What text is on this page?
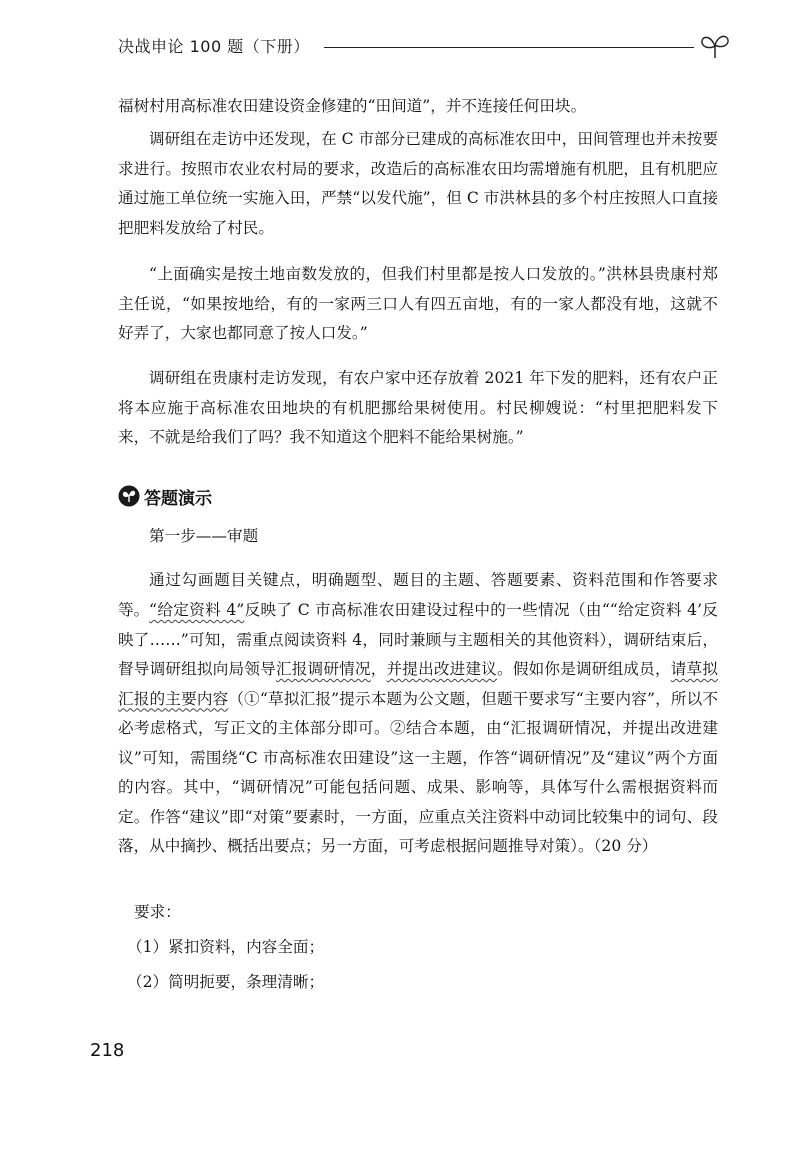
决战申论 100 题（下册）

福树村用高标准农田建设资金修建的“田间道”，并不连接任何田块。

调研组在走访中还发现，在 C 市部分已建成的高标准农田中，田间管理也并未按要求进行。按照市农业农村局的要求，改造后的高标准农田均需增施有机肥，且有机肥应通过施工单位统一实施入田，严禁“以发代施”，但 C 市洪林县的多个村庄按照人口直接把肥料发放给了村民。

“上面确实是按土地亩数发放的，但我们村里都是按人口发放的。”洪林县贵康村郑主任说，“如果按地给，有的一家两三口人有四五亩地，有的一家人都没有地，这就不好弄了，大家也都同意了按人口发。”

调研组在贵康村走访发现，有农户家中还存放着 2021 年下发的肥料，还有农户正将本应施于高标准农田地块的有机肥挪给果树使用。村民柳嫂说：“村里把肥料发下来，不就是给我们了吗？我不知道这个肥料不能给果树施。”

答题演示
第一步——审题

通过勾画题目关键点，明确题型、题目的主题、答题要素、资料范围和作答要求等。 “给定资料 4”反映了 C 市高标准农田建设过程中的一些情况（由““给定资料 4’反映了……”可知，需重点阅读资料 4，同时兼顾与主题相关的其他资料），调研结束后，督导调研组拟向局领导汇报调研情况，并提出改进建议。假如你是调研组成员，请草拟汇报的主要内容（①“草拟汇报”提示本题为公文题，但题干要求写“主要内容”，所以不必考虑格式，写正文的主体部分即可。②结合本题，由“汇报调研情况，并提出改进建议”可知，需围绕“C 市高标准农田建设”这一主题，作答“调研情况”及“建议”两个方面的内容。其中，“调研情况”可能包括问题、成果、影响等，具体写什么需根据资料而定。作答“建议”即“对策”要素时，一方面，应重点关注资料中动词比较集中的词句、段落，从中摘抄、概括出要点；另一方面，可考虑根据问题推导对策）。（20 分）

要求：
（1）紧扣资料，内容全面；
（2）简明扼要，条理清晰；
218
